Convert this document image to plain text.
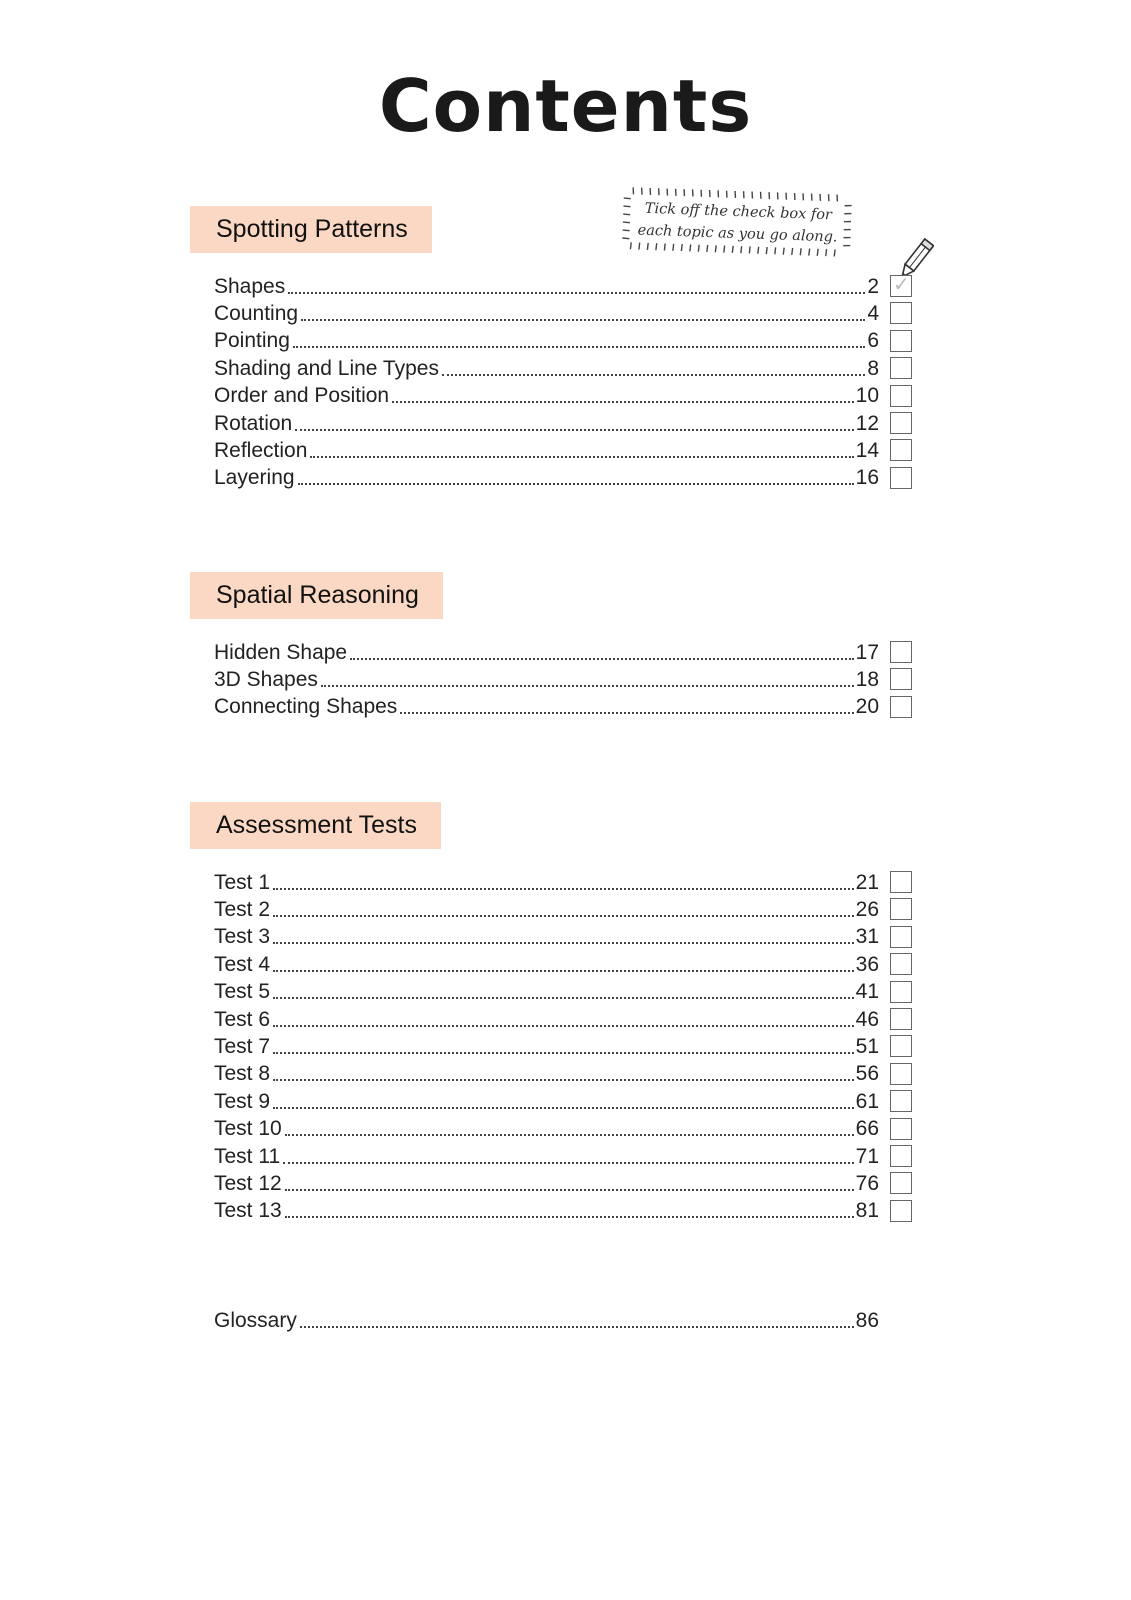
Contents
Tick off the check box for
each topic as you go along.
Spotting Patterns
Shapes	2 ✓
Counting	4
Pointing	6
Shading and Line Types	8
Order and Position	10
Rotation	12
Reflection	14
Layering	16
Spatial Reasoning
Hidden Shape	17
3D Shapes	18
Connecting Shapes	20
Assessment Tests
Test 1	21
Test 2	26
Test 3	31
Test 4	36
Test 5	41
Test 6	46
Test 7	51
Test 8	56
Test 9	61
Test 10	66
Test 11	71
Test 12	76
Test 13	81
Glossary	86
